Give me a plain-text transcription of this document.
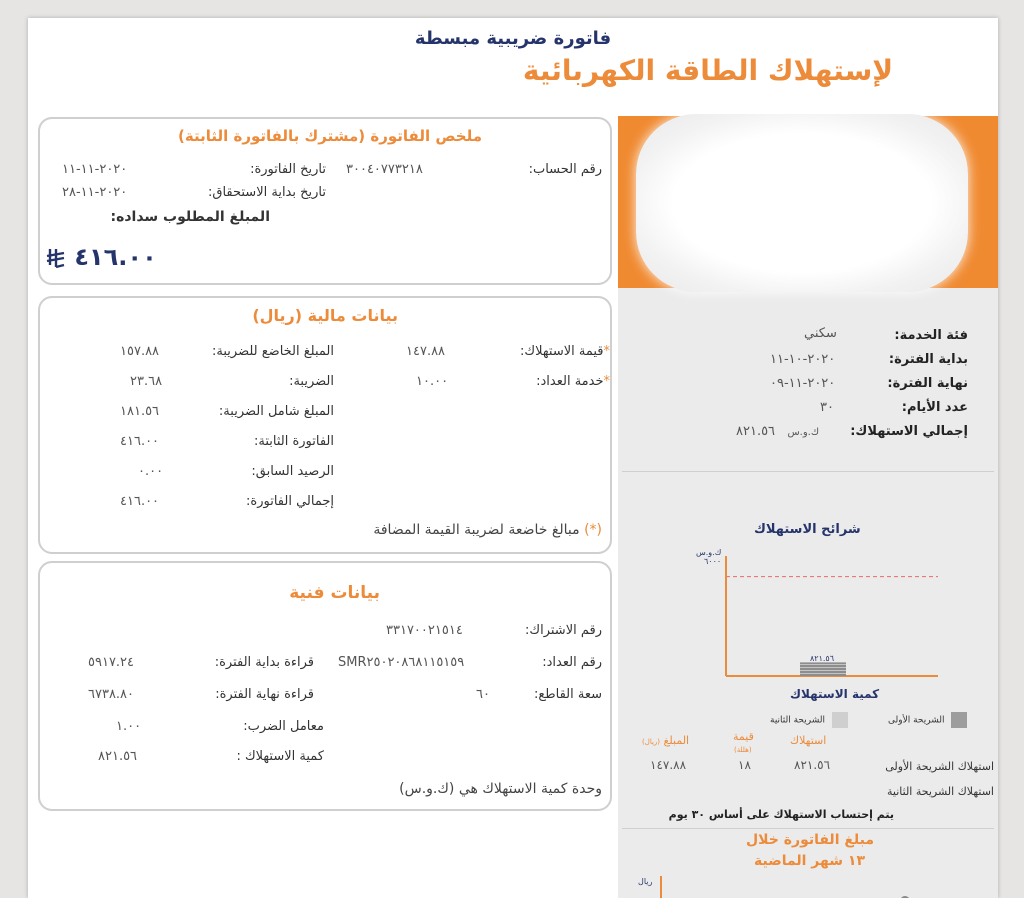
فاتورة ضريبية مبسطة
لإستهلاك الطاقة الكهربائية
ملخص الفاتورة (مشترك بالفاتورة الثابتة)
رقم الحساب:
٣٠٠٤٠٧٧٣٢١٨
تاريخ الفاتورة:
٢٠٢٠-١١-١١
تاريخ بداية الاستحقاق:
٢٠٢٠-١١-٢٨
المبلغ المطلوب سداده:
٤١٦.٠٠
بيانات مالية (ريال)
*قيمة الاستهلاك:
١٤٧.٨٨
*خدمة العداد:
١٠.٠٠
المبلغ الخاضع للضريبة:
١٥٧.٨٨
الضريبة:
٢٣.٦٨
المبلغ شامل الضريبة:
١٨١.٥٦
الفاتورة الثابتة:
٤١٦.٠٠
الرصيد السابق:
٠.٠٠
إجمالي الفاتورة:
٤١٦.٠٠
(*) مبالغ خاضعة لضريبة القيمة المضافة
بيانات فنية
رقم الاشتراك:
٣٣١٧٠٠٢١٥١٤
رقم العداد:
SMR٢٥٠٢٠٨٦٨١١٥١٥٩
قراءة بداية الفترة:
٥٩١٧.٢٤
سعة القاطع:
٦٠
قراءة نهاية الفترة:
٦٧٣٨.٨٠
معامل الضرب:
١.٠٠
كمية الاستهلاك :
٨٢١.٥٦
وحدة كمية الاستهلاك هي (ك.و.س)
فئة الخدمة:
سكني
بداية الفترة:
٢٠٢٠-١٠-١١
نهاية الفترة:
٢٠٢٠-١١-٠٩
عدد الأيام:
٣٠
إجمالي الاستهلاك:
ك.و.س   ٨٢١.٥٦
شرائح الاستهلاك
ك.و.س
٦٠٠٠
٨٢١.٥٦
كمية الاستهلاك
الشريحة الأولى
الشريحة الثانية
استهلاك
قيمة
(هللة)
(ريال) المبلغ
استهلاك الشريحة الأولى
٨٢١.٥٦
١٨
١٤٧.٨٨
استهلاك الشريحة الثانية
يتم إحتساب الاستهلاك على أساس ٣٠ يوم
مبلغ الفاتورة خلال
١٣ شهر الماضية
ريال
